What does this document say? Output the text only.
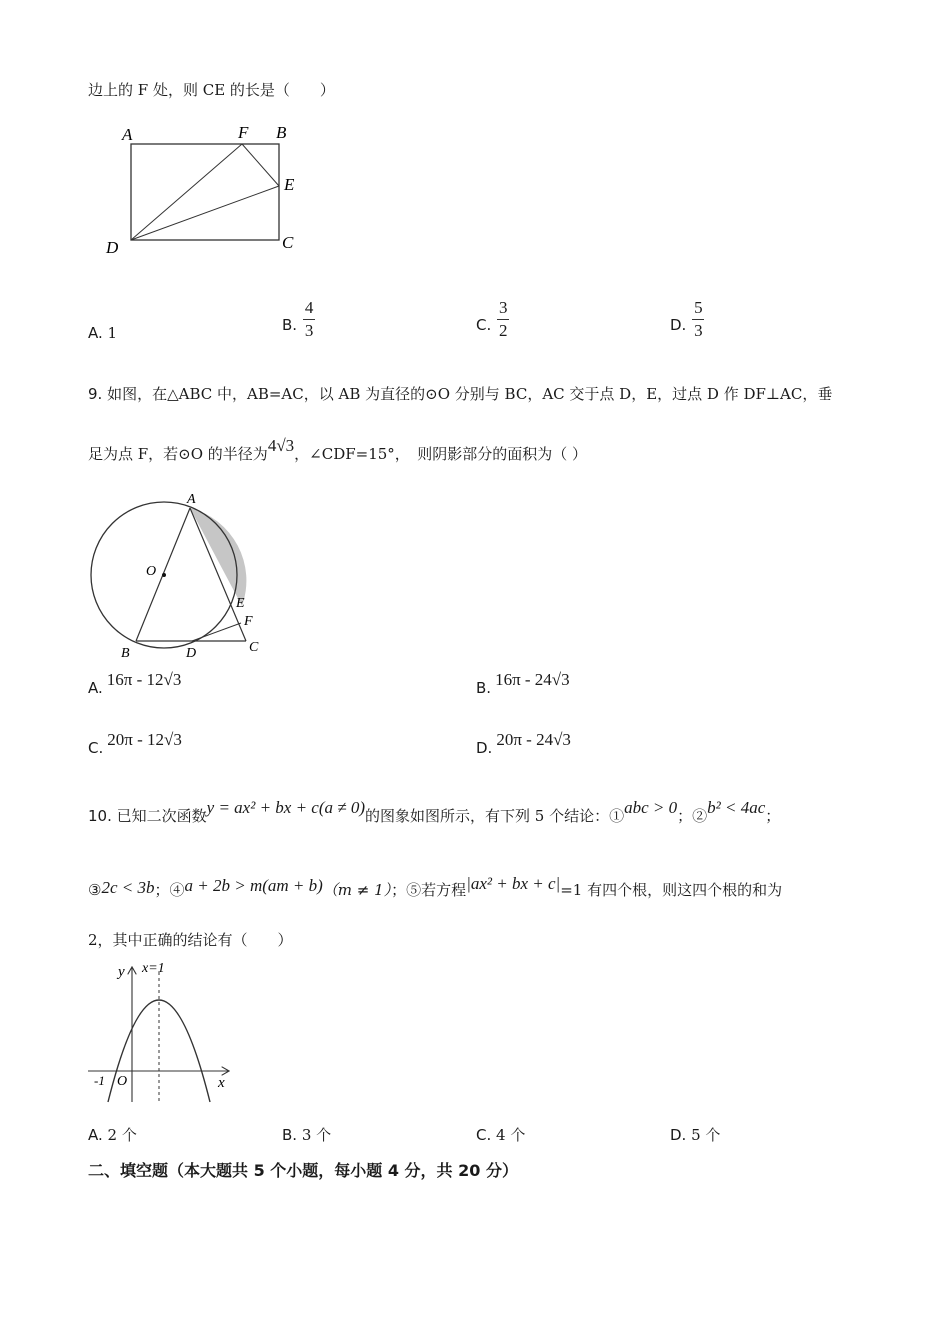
边上的 F 处，则 CE 的长是（　　）
A	F B
E
D	C
A. 1	B. $\frac{4}{3}$	C. $\frac{3}{2}$	D. $\frac{5}{3}$
9. 如图，在△ABC 中，AB=AC，以 AB 为直径的⊙O 分别与 BC，AC 交于点 D，E，过点 D 作 DF⊥AC，垂
足为点 F，若⊙O 的半径为4√3，∠CDF=15°，　则阴影部分的面积为（ ）
A
O
E
F
B	D	C
A. 16π - 12√3	B. 16π - 24√3
C. 20π - 12√3	D. 20π - 24√3
10. 已知二次函数y = ax² + bx + c(a ≠ 0)的图象如图所示，有下列 5 个结论：①abc > 0；②b² < 4ac；
③2c < 3b；④a + 2b > m(am + b)（m ≠ 1）；⑤若方程|ax² + bx + c|=1 有四个根，则这四个根的和为
2，其中正确的结论有（　　）
y x=1
x
-1 O
A. 2 个	B. 3 个	C. 4 个	D. 5 个
二、填空题（本大题共 5 个小题，每小题 4 分，共 20 分）
